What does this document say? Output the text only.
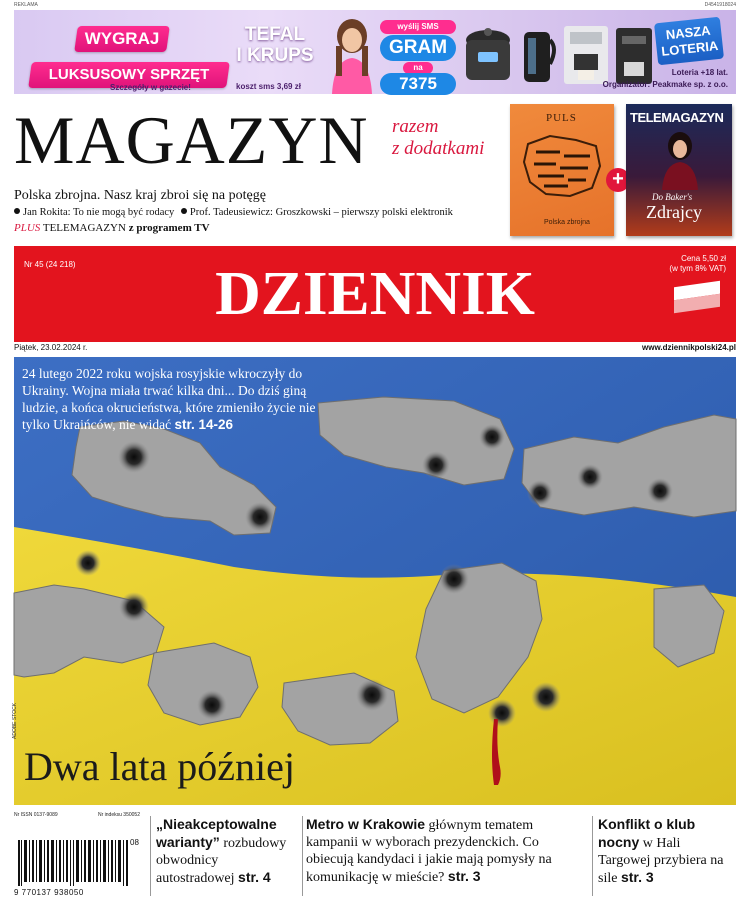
REKLAMA	D4541918024
WYGRAJ
LUKSUSOWY SPRZĘT
Szczegóły w gazecie!
TEFAL
I KRUPS
koszt sms 3,69 zł
wyślij SMS
GRAM
na
7375
NASZA LOTERIA
Loteria +18 lat.
Organizator: Peakmake sp. z o.o.
MAGAZYN razem
z dodatkami
Polska zbrojna. Nasz kraj zbroi się na potęgę
Jan Rokita: To nie mogą być rodacy Prof. Tadeusiewicz: Groszkowski – pierwszy polski elektronik
PLUS TELEMAGAZYN z programem TV
PULS
Polska zbrojna
+
TELEMAGAZYN
Do Baker's
Zdrajcy
Nr 45 (24 218)	DZIENNIK
Cena 5,50 zł
(w tym 8% VAT)
Piątek, 23.02.2024 r.	www.dziennikpolski24.pl
24 lutego 2022 roku wojska rosyjskie wkroczyły do Ukrainy. Wojna miała trwać kilka dni... Do dziś giną ludzie, a końca okrucieństwa, które zmieniło życie nie tylko Ukraińców, nie widać str. 14-26
Dwa lata później
ADOBE STOCK
Nr ISSN 0137-9089	Nr indeksu 350052
08
9 770137 938050
„Nieakceptowalne warianty” rozbudowy obwodnicy autostradowej str. 4
Metro w Krakowie głównym tematem kampanii w wyborach prezydenckich. Co obiecują kandydaci i jakie mają pomysły na komunikację w mieście? str. 3
Konflikt o klub nocny w Hali Targowej przybiera na sile str. 3
